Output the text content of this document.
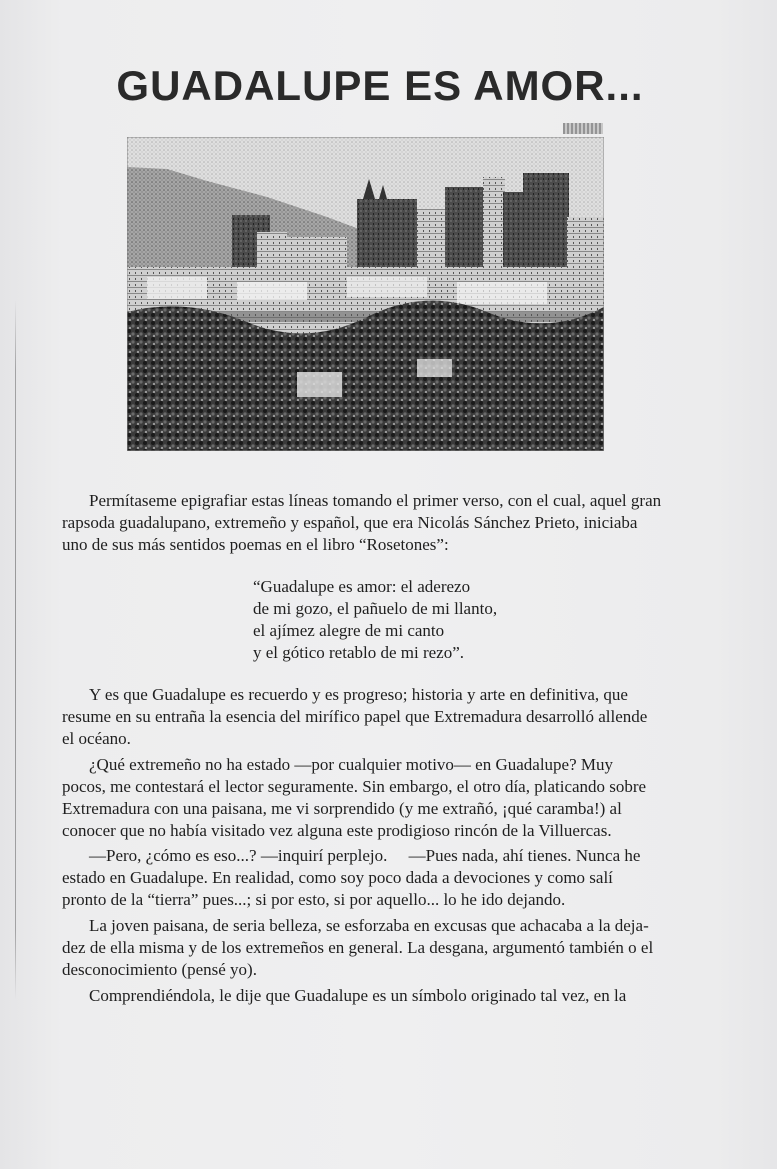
GUADALUPE ES AMOR...
Permítaseme epigrafiar estas líneas tomando el primer verso, con el cual, aquel gran
rapsoda guadalupano, extremeño y español, que era Nicolás Sánchez Prieto, iniciaba
uno de sus más sentidos poemas en el libro “Rosetones”:
“Guadalupe es amor: el aderezo
de mi gozo, el pañuelo de mi llanto,
el ajímez alegre de mi canto
y el gótico retablo de mi rezo”.
Y es que Guadalupe es recuerdo y es progreso; historia y arte en definitiva, que
resume en su entraña la esencia del mirífico papel que Extremadura desarrolló allende
el océano.
¿Qué extremeño no ha estado —por cualquier motivo— en Guadalupe? Muy
pocos, me contestará el lector seguramente. Sin embargo, el otro día, platicando sobre
Extremadura con una paisana, me vi sorprendido (y me extrañó, ¡qué caramba!) al
conocer que no había visitado vez alguna este prodigioso rincón de la Villuercas.
—Pero, ¿cómo es eso...? —inquirí perplejo.     —Pues nada, ahí tienes. Nunca he
estado en Guadalupe. En realidad, como soy poco dada a devociones y como salí
pronto de la “tierra” pues...; si por esto, si por aquello... lo he ido dejando.
La joven paisana, de seria belleza, se esforzaba en excusas que achacaba a la deja-
dez de ella misma y de los extremeños en general. La desgana, argumentó también o el
desconocimiento (pensé yo).
Comprendiéndola, le dije que Guadalupe es un símbolo originado tal vez, en la
